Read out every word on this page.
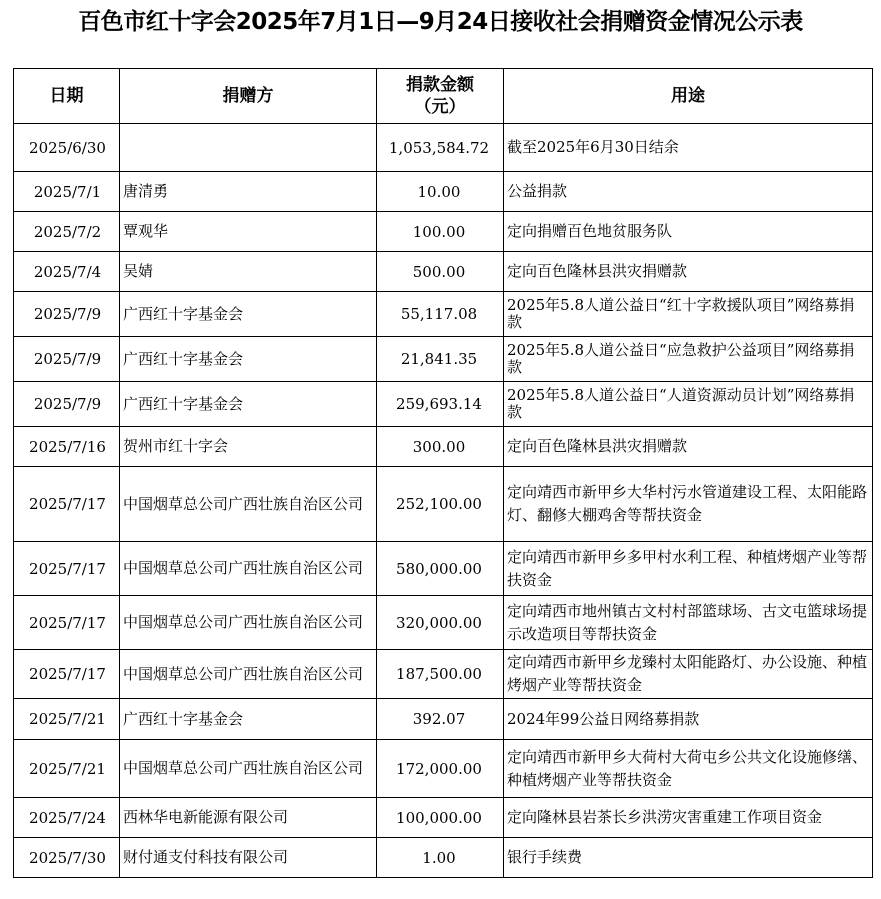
百色市红十字会2025年7月1日—9月24日接收社会捐赠资金情况公示表
日期	捐赠方	捐款金额（元）	用途
2025/6/30		1,053,584.72	截至2025年6月30日结余
2025/7/1	唐清勇	10.00	公益捐款
2025/7/2	覃观华	100.00	定向捐赠百色地贫服务队
2025/7/4	吴婧	500.00	定向百色隆林县洪灾捐赠款
2025/7/9	广西红十字基金会	55,117.08	2025年5.8人道公益日“红十字救援队项目”网络募捐款
2025/7/9	广西红十字基金会	21,841.35	2025年5.8人道公益日“应急救护公益项目”网络募捐款
2025/7/9	广西红十字基金会	259,693.14	2025年5.8人道公益日“人道资源动员计划”网络募捐款
2025/7/16	贺州市红十字会	300.00	定向百色隆林县洪灾捐赠款
2025/7/17	中国烟草总公司广西壮族自治区公司	252,100.00	定向靖西市新甲乡大华村污水管道建设工程、太阳能路灯、翻修大棚鸡舍等帮扶资金
2025/7/17	中国烟草总公司广西壮族自治区公司	580,000.00	定向靖西市新甲乡多甲村水利工程、种植烤烟产业等帮扶资金
2025/7/17	中国烟草总公司广西壮族自治区公司	320,000.00	定向靖西市地州镇古文村村部篮球场、古文屯篮球场提示改造项目等帮扶资金
2025/7/17	中国烟草总公司广西壮族自治区公司	187,500.00	定向靖西市新甲乡龙臻村太阳能路灯、办公设施、种植烤烟产业等帮扶资金
2025/7/21	广西红十字基金会	392.07	2024年99公益日网络募捐款
2025/7/21	中国烟草总公司广西壮族自治区公司	172,000.00	定向靖西市新甲乡大荷村大荷屯乡公共文化设施修缮、种植烤烟产业等帮扶资金
2025/7/24	西林华电新能源有限公司	100,000.00	定向隆林县岩茶长乡洪涝灾害重建工作项目资金
2025/7/30	财付通支付科技有限公司	1.00	银行手续费
